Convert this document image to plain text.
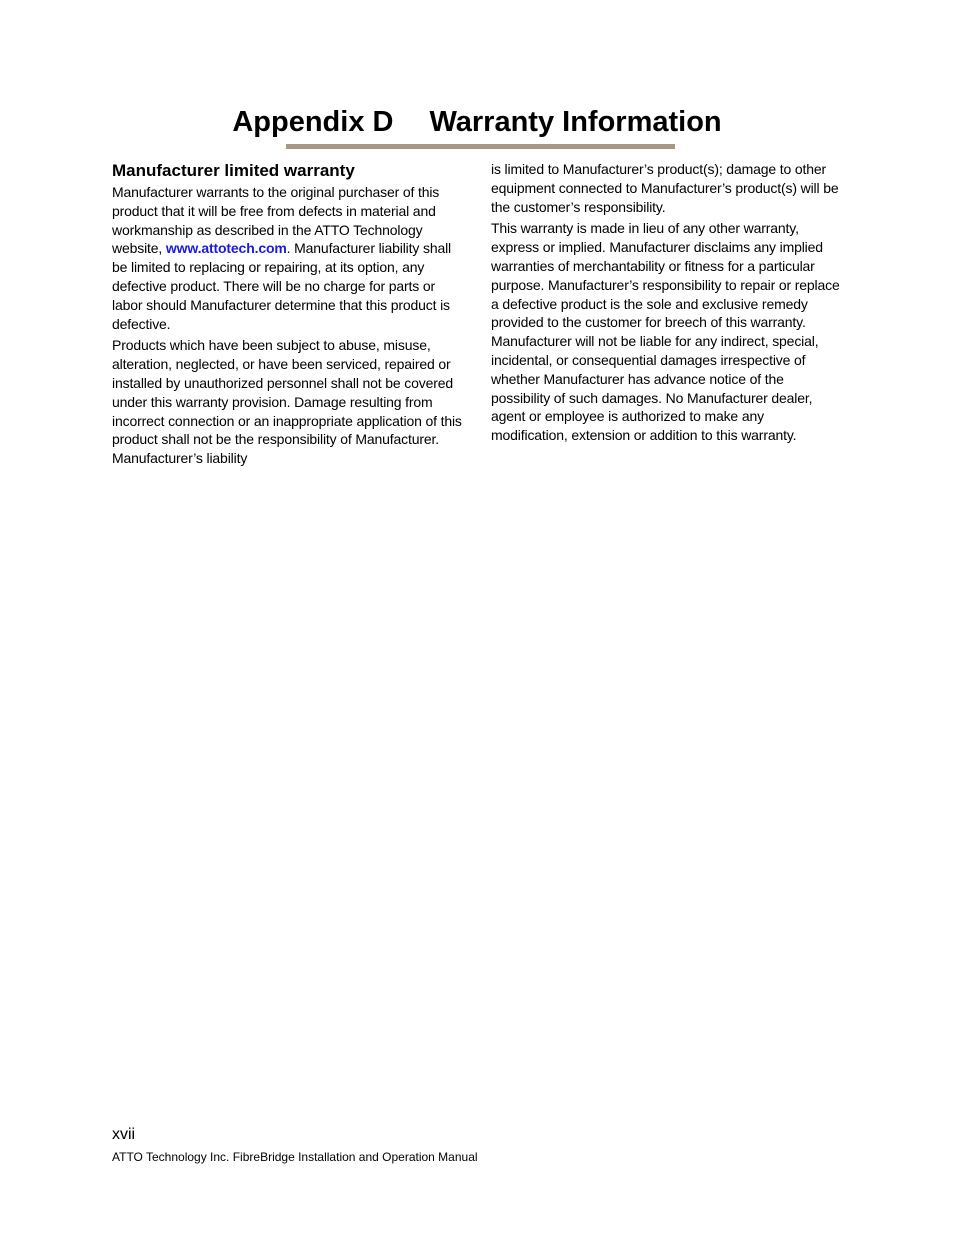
Appendix D Warranty Information
Manufacturer limited warranty

Manufacturer warrants to the original purchaser of this product that it will be free from defects in material and workmanship as described in the ATTO Technology website, www.attotech.com. Manufacturer liability shall be limited to replacing or repairing, at its option, any defective product. There will be no charge for parts or labor should Manufacturer determine that this product is defective.

Products which have been subject to abuse, misuse, alteration, neglected, or have been serviced, repaired or installed by unauthorized personnel shall not be covered under this warranty provision. Damage resulting from incorrect connection or an inappropriate application of this product shall not be the responsibility of Manufacturer. Manufacturer’s liability

is limited to Manufacturer’s product(s); damage to other equipment connected to Manufacturer’s product(s) will be the customer’s responsibility.

This warranty is made in lieu of any other warranty, express or implied. Manufacturer disclaims any implied warranties of merchantability or fitness for a particular purpose. Manufacturer’s responsibility to repair or replace a defective product is the sole and exclusive remedy provided to the customer for breech of this warranty. Manufacturer will not be liable for any indirect, special, incidental, or consequential damages irrespective of whether Manufacturer has advance notice of the possibility of such damages. No Manufacturer dealer, agent or employee is authorized to make any modification, extension or addition to this warranty.

xvii
ATTO Technology Inc. FibreBridge Installation and Operation Manual
